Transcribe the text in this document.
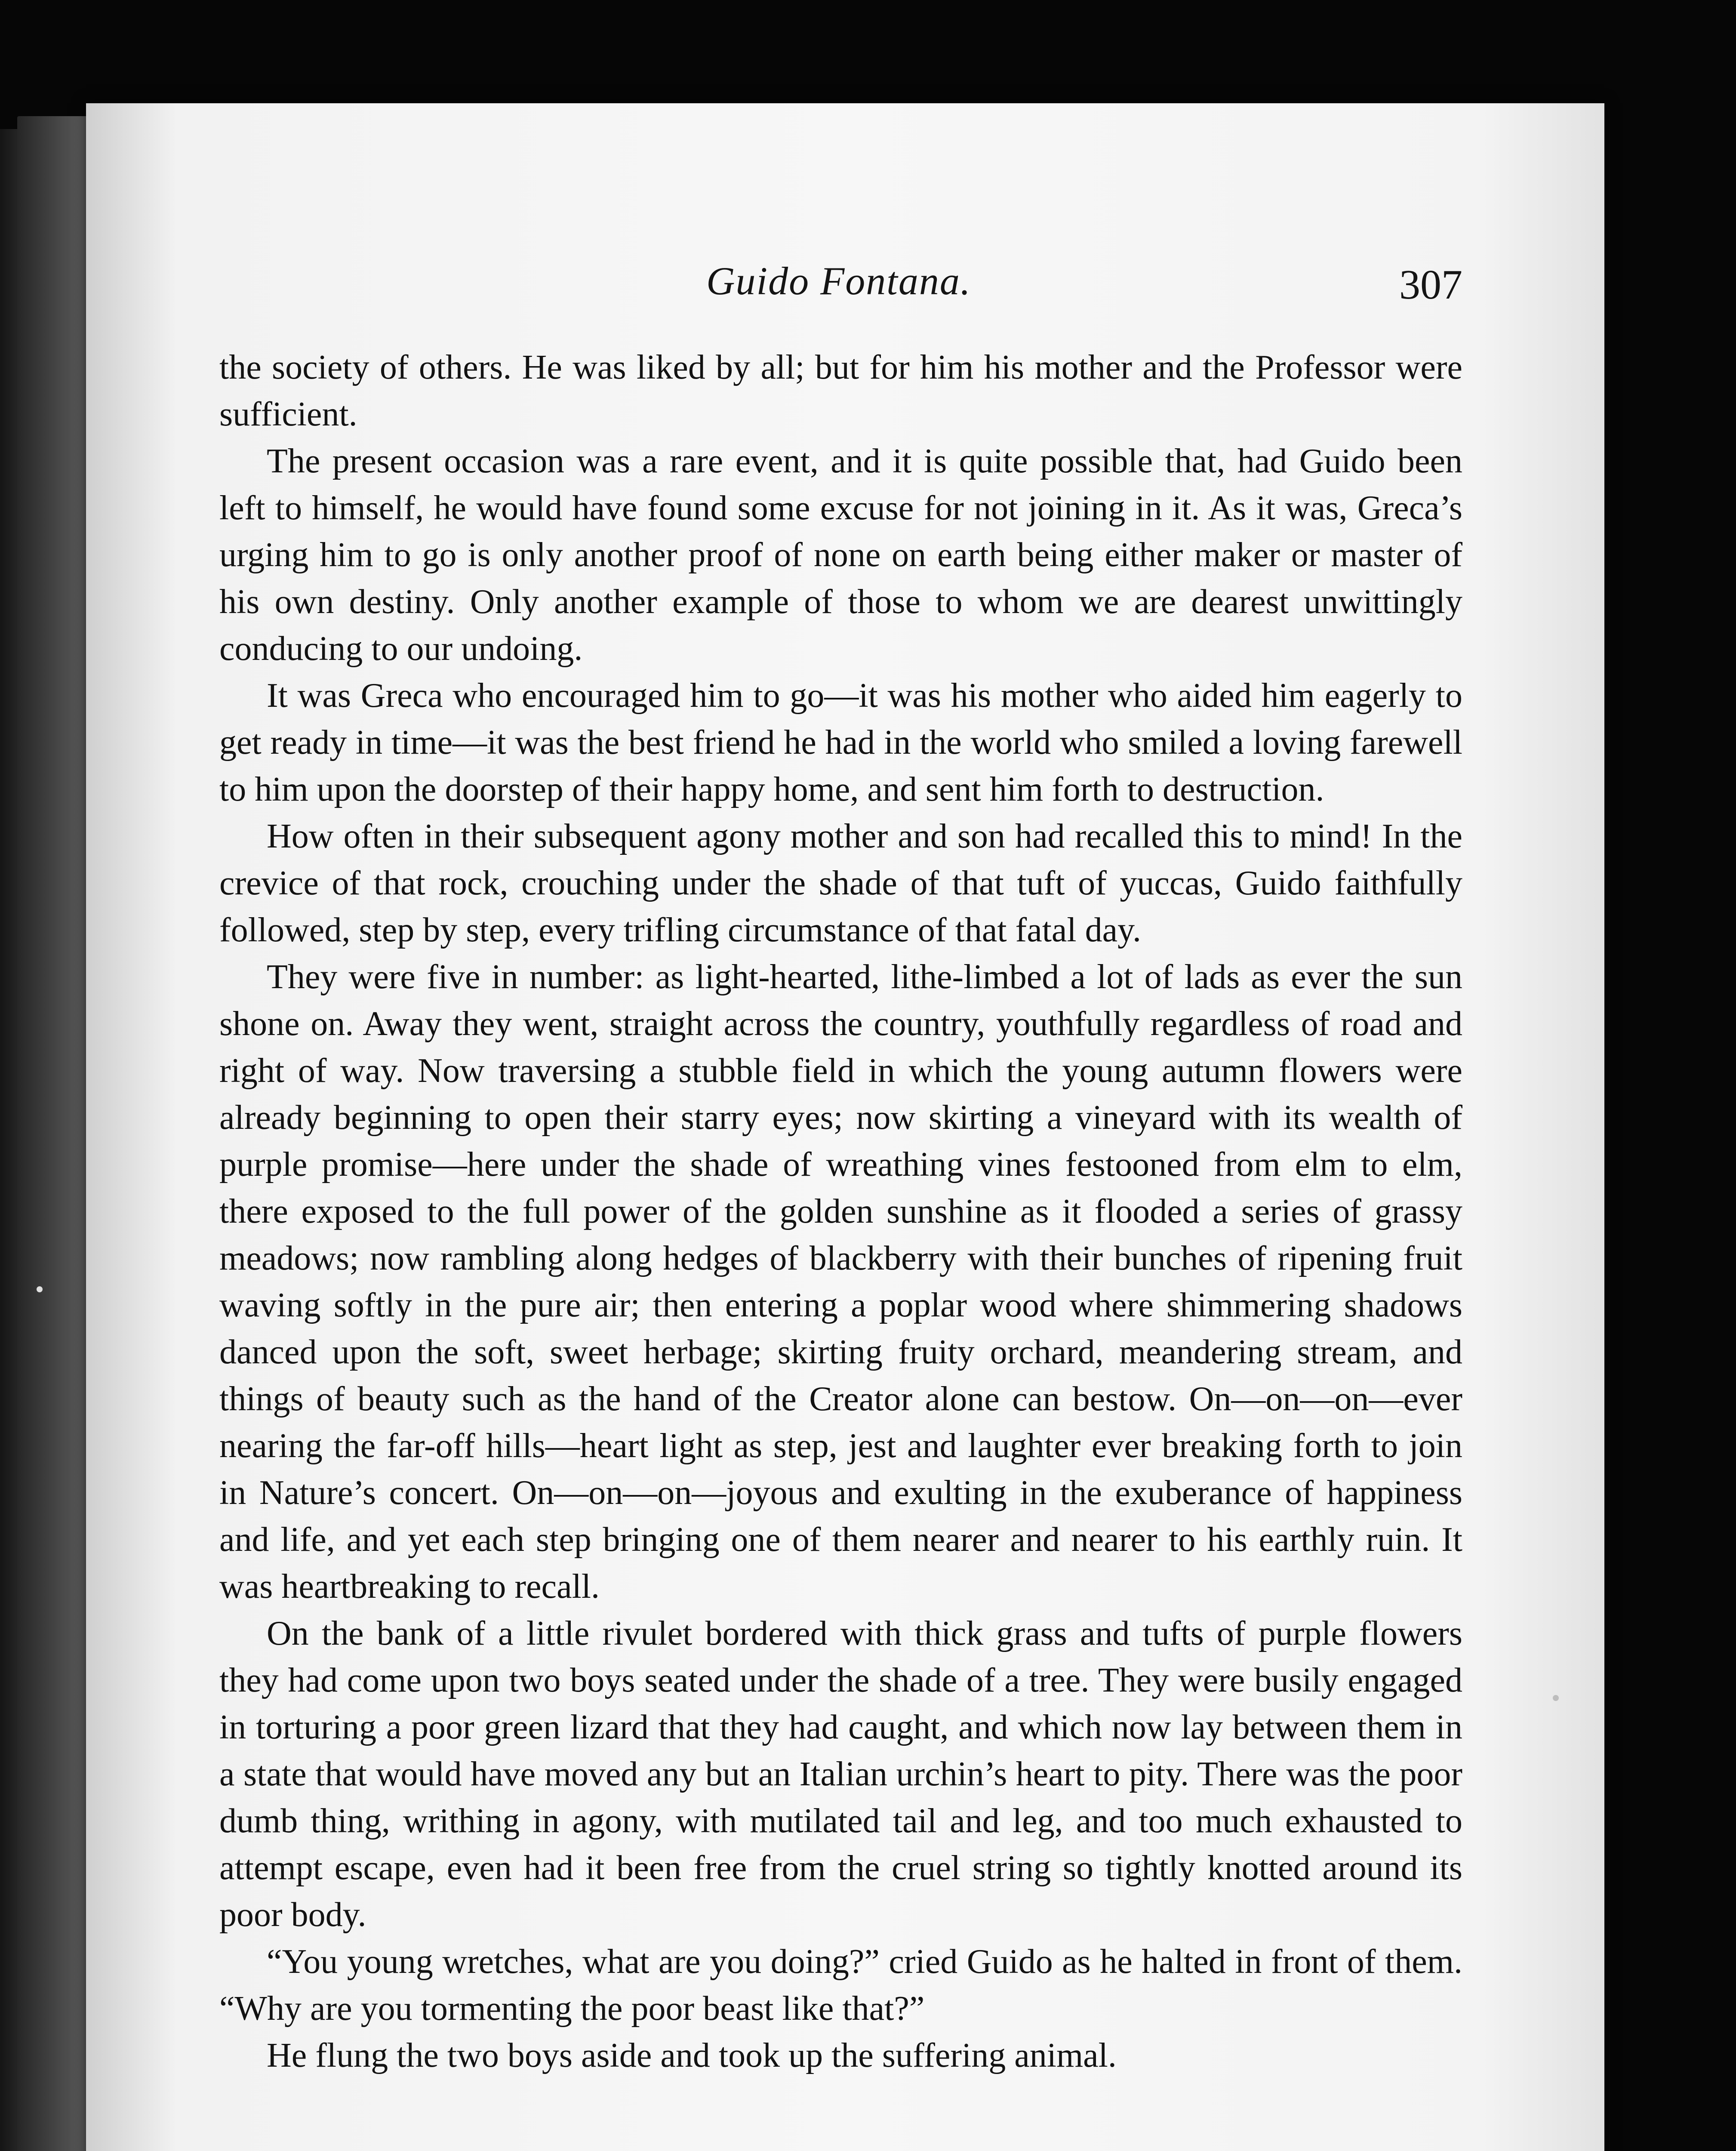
Guido Fontana.	307

the society of others. He was liked by all; but for him his mother and the Professor were sufficient.

The present occasion was a rare event, and it is quite possible that, had Guido been left to himself, he would have found some excuse for not joining in it. As it was, Greca’s urging him to go is only another proof of none on earth being either maker or master of his own destiny. Only another example of those to whom we are dearest unwittingly conducing to our undoing.

It was Greca who encouraged him to go—it was his mother who aided him eagerly to get ready in time—it was the best friend he had in the world who smiled a loving farewell to him upon the doorstep of their happy home, and sent him forth to destruction.

How often in their subsequent agony mother and son had recalled this to mind! In the crevice of that rock, crouching under the shade of that tuft of yuccas, Guido faithfully followed, step by step, every trifling circumstance of that fatal day.

They were five in number: as light-hearted, lithe-limbed a lot of lads as ever the sun shone on. Away they went, straight across the country, youthfully regardless of road and right of way. Now traversing a stubble field in which the young autumn flowers were already beginning to open their starry eyes; now skirting a vineyard with its wealth of purple promise—here under the shade of wreathing vines festooned from elm to elm, there exposed to the full power of the golden sunshine as it flooded a series of grassy meadows; now rambling along hedges of blackberry with their bunches of ripening fruit waving softly in the pure air; then entering a poplar wood where shimmering shadows danced upon the soft, sweet herbage; skirting fruity orchard, meandering stream, and things of beauty such as the hand of the Creator alone can bestow. On—on—on—ever nearing the far-off hills—heart light as step, jest and laughter ever breaking forth to join in Nature’s concert. On—on—on—joyous and exulting in the exuberance of happiness and life, and yet each step bringing one of them nearer and nearer to his earthly ruin. It was heartbreaking to recall.

On the bank of a little rivulet bordered with thick grass and tufts of purple flowers they had come upon two boys seated under the shade of a tree. They were busily engaged in torturing a poor green lizard that they had caught, and which now lay between them in a state that would have moved any but an Italian urchin’s heart to pity. There was the poor dumb thing, writhing in agony, with mutilated tail and leg, and too much exhausted to attempt escape, even had it been free from the cruel string so tightly knotted around its poor body.

“You young wretches, what are you doing?” cried Guido as he halted in front of them. “Why are you tormenting the poor beast like that?”

He flung the two boys aside and took up the suffering animal.
